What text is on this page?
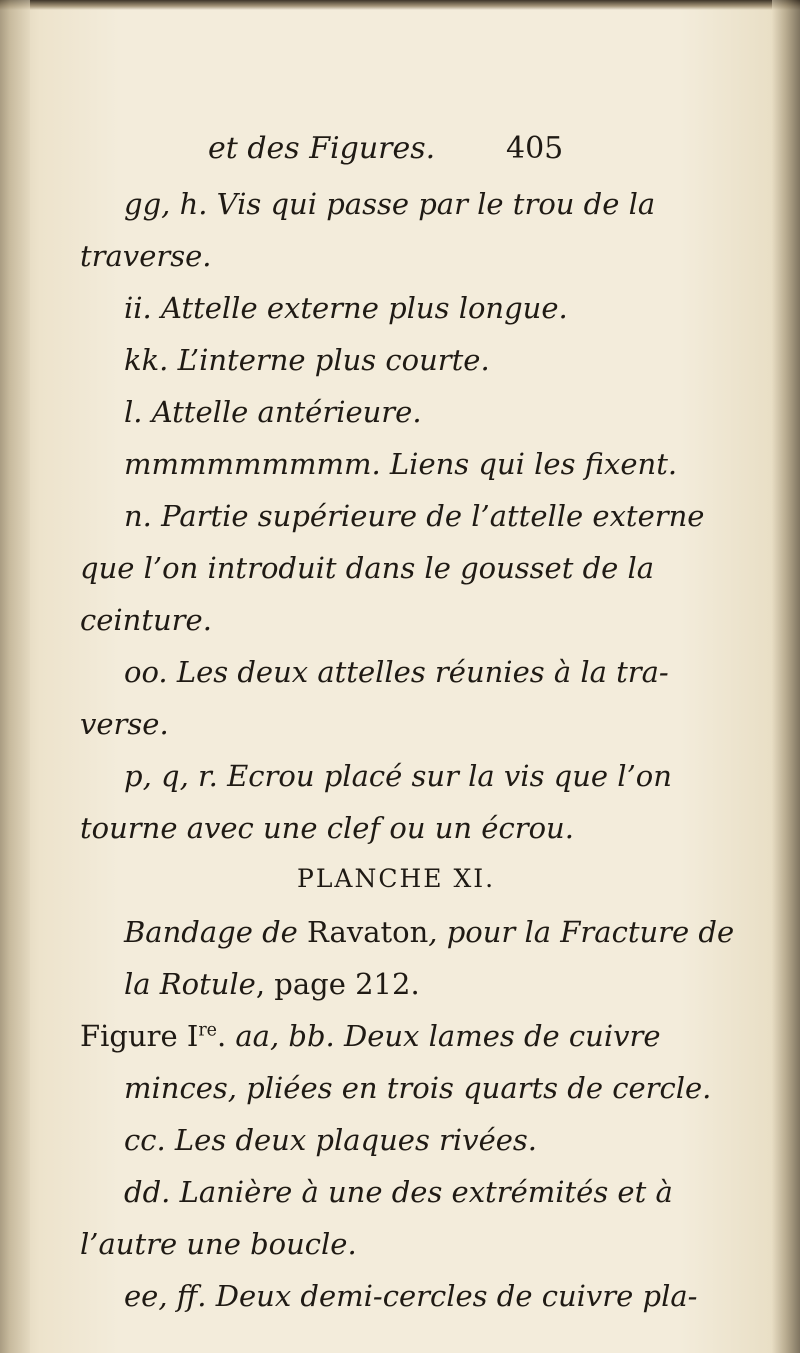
et des Figures. 405
gg, h. Vis qui passe par le trou de la
traverse.
ii. Attelle externe plus longue.
kk. L’interne plus courte.
l. Attelle antérieure.
mmmmmmmmm. Liens qui les fixent.
n. Partie supérieure de l’attelle externe
que l’on introduit dans le gousset de la
ceinture.
oo. Les deux attelles réunies à la tra-
verse.
p, q, r. Ecrou placé sur la vis que l’on
tourne avec une clef ou un écrou.
PLANCHE XI.
Bandage de Ravaton, pour la Fracture de
la Rotule, page 212.
Figure Ire. aa, bb. Deux lames de cuivre
minces, pliées en trois quarts de cercle.
cc. Les deux plaques rivées.
dd. Lanière à une des extrémités et à
l’autre une boucle.
ee, ff. Deux demi-cercles de cuivre pla-
